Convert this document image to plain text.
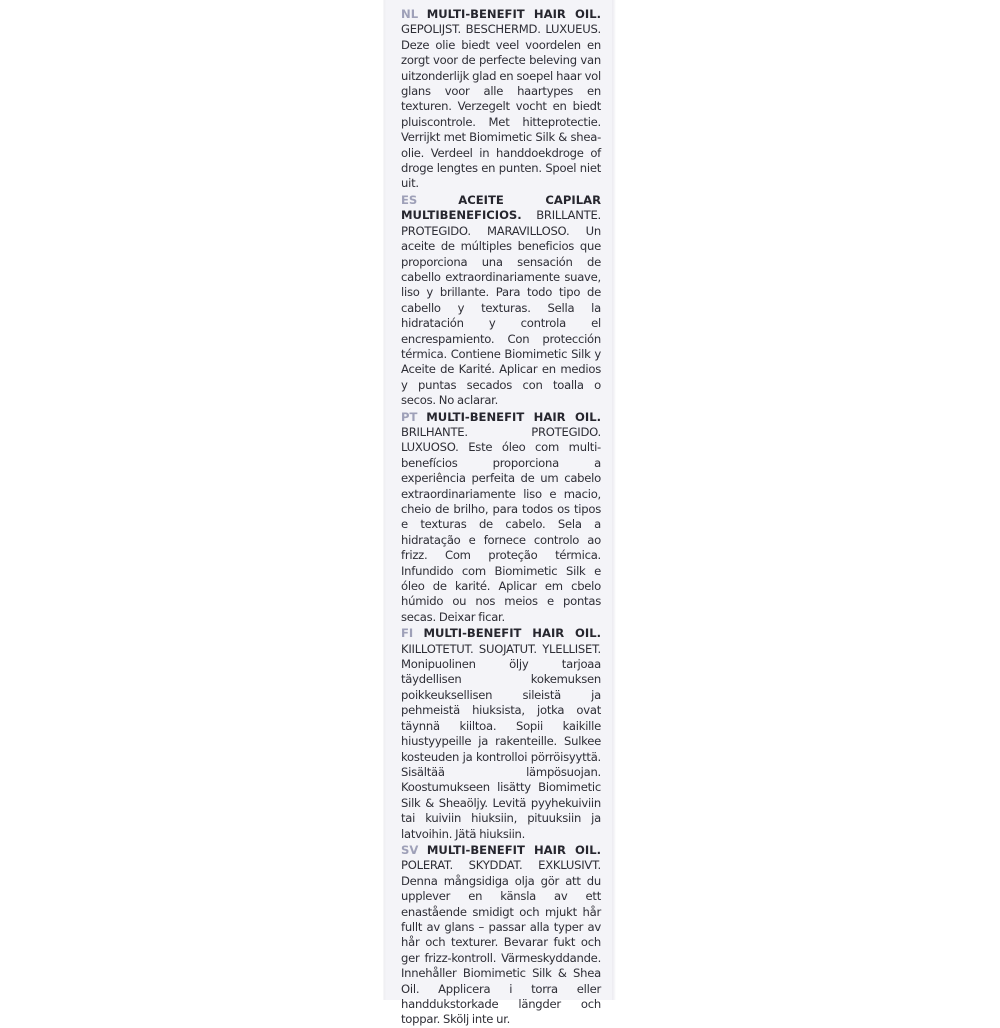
NL MULTI-BENEFIT HAIR OIL. GEPOLIJST. BESCHERMD. LUXUEUS. Deze olie biedt veel voordelen en zorgt voor de perfecte beleving van uitzonderlijk glad en soepel haar vol glans voor alle haartypes en texturen. Verzegelt vocht en biedt pluiscontrole. Met hitteprotectie. Verrijkt met Biomimetic Silk & shea-olie. Verdeel in handdoekdroge of droge lengtes en punten. Spoel niet uit.

ES	ACEITE CAPILAR MULTIBENEFICIOS. BRILLANTE. PROTEGIDO. MARAVILLOSO. Un aceite de múltiples beneficios que proporciona una sensación de cabello extraordinariamente suave, liso y brillante. Para todo tipo de cabello y texturas. Sella la hidratación y controla el encrespamiento. Con protección térmica. Contiene Biomimetic Silk y Aceite de Karité. Aplicar en medios y puntas secados con toalla o secos. No aclarar.

PT MULTI-BENEFIT HAIR OIL. BRILHANTE. PROTEGIDO. LUXUOSO. Este óleo com multi-benefícios proporciona a experiência perfeita de um cabelo extraordinariamente liso e macio, cheio de brilho, para todos os tipos e texturas de cabelo. Sela a hidratação e fornece controlo ao frizz. Com proteção térmica. Infundido com Biomimetic Silk e óleo de karité. Aplicar em cbelo húmido ou nos meios e pontas secas. Deixar ficar.

FI MULTI-BENEFIT HAIR OIL. KIILLOTETUT. SUOJATUT. YLELLISET. Monipuolinen öljy tarjoaa täydellisen kokemuksen poikkeuksellisen sileistä ja pehmeistä hiuksista, jotka ovat täynnä kiiltoa. Sopii kaikille hiustyypeille ja rakenteille. Sulkee kosteuden ja kontrolloi pörröisyyttä. Sisältää lämpösuojan. Koostumukseen lisätty Biomimetic Silk & Sheaöljy. Levitä pyyhekuiviin tai kuiviin hiuksiin, pituuksiin ja latvoihin. Jätä hiuksiin.

SV MULTI-BENEFIT HAIR OIL. POLERAT. SKYDDAT. EXKLUSIVT. Denna mångsidiga olja gör att du upplever en känsla av ett enastående smidigt och mjukt hår fullt av glans – passar alla typer av hår och texturer. Bevarar fukt och ger frizz-kontroll. Värmeskyddande. Innehåller Biomimetic Silk & Shea Oil. Applicera i torra eller handdukstorkade längder och toppar. Skölj inte ur.
